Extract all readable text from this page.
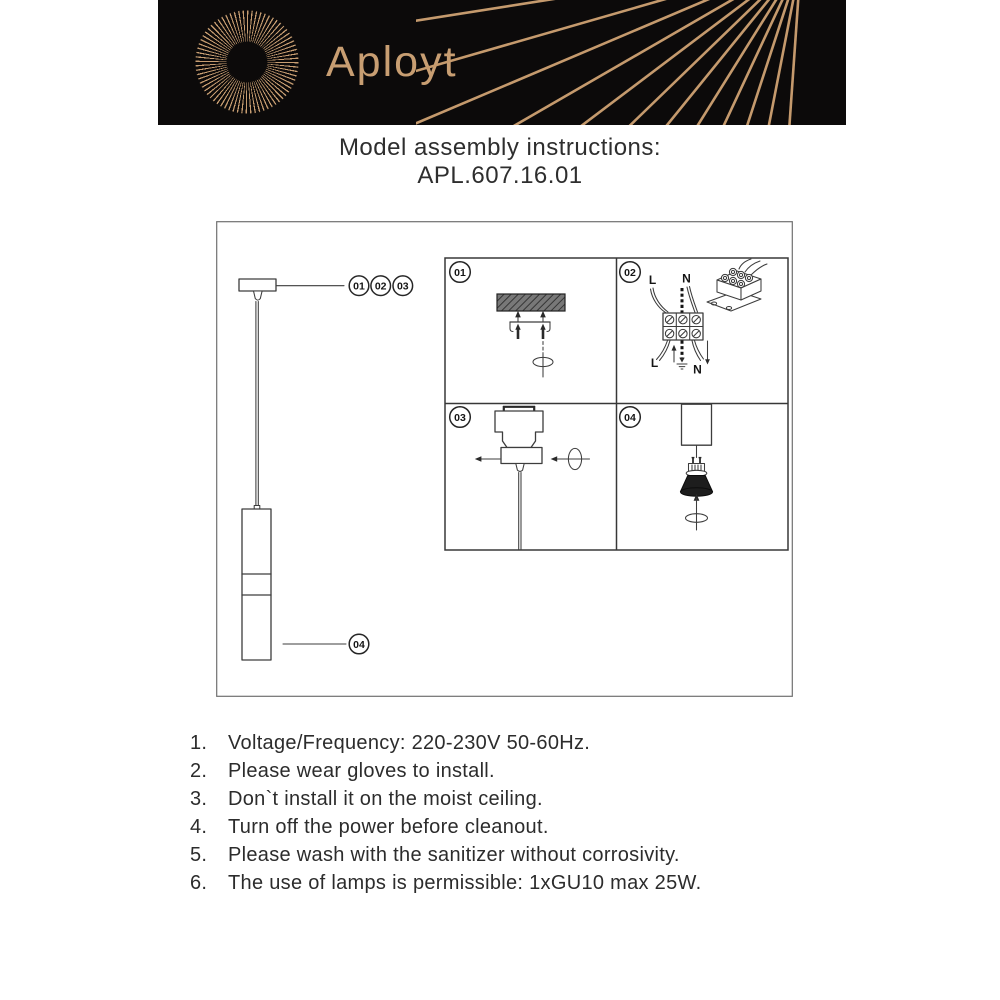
Aployt
Model assembly instructions:
APL.607.16.01
01 02 03
04
01	02
L N
L	N
03	04
1.	Voltage/Frequency: 220-230V 50-60Hz.
2.	Please wear gloves to install.
3.	Don`t install it on the moist ceiling.
4.	Turn off the power before cleanout.
5.	Please wash with the sanitizer without corrosivity.
6.	The use of lamps is permissible: 1xGU10 max 25W.
